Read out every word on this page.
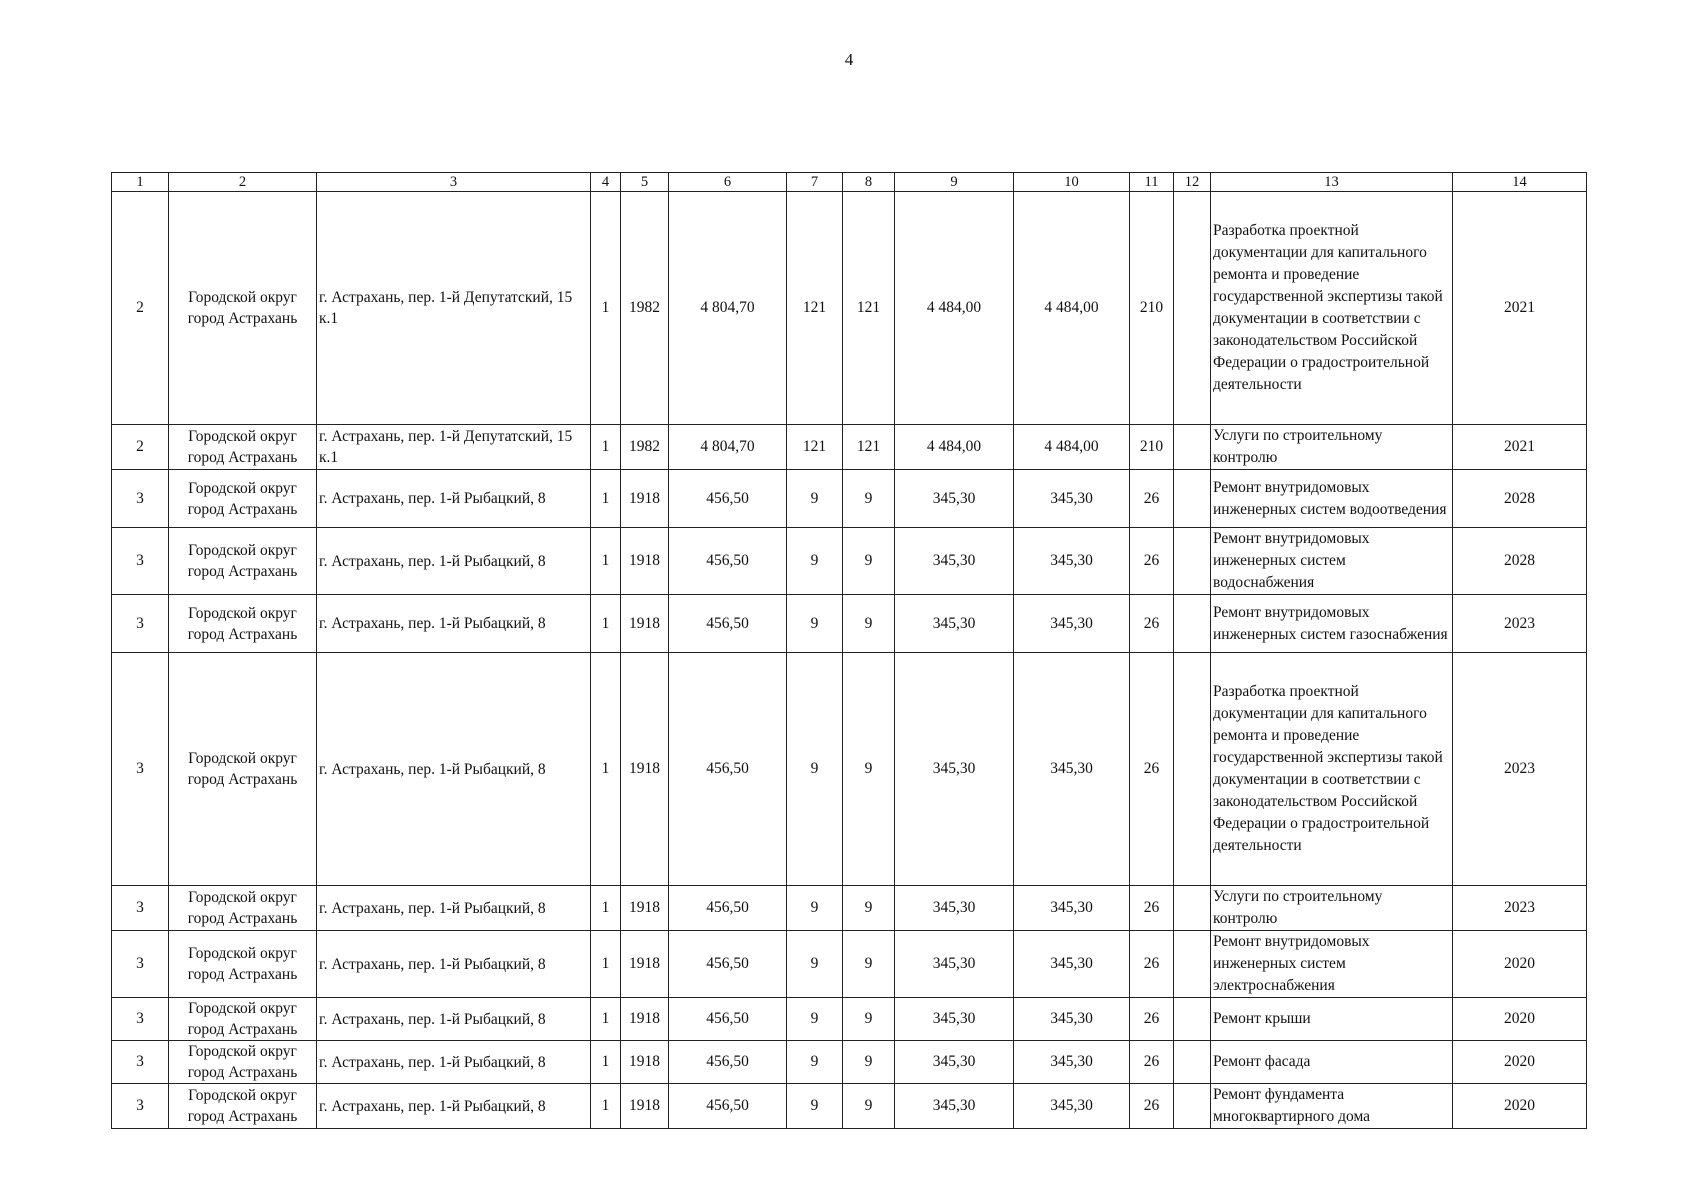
4
1	2	3	4	5	6	7	8	9	10	11	12	13	14
2	Городской округ город Астрахань	г. Астрахань, пер. 1-й Депутатский, 15 к.1	1	1982	4 804,70	121	121	4 484,00	4 484,00	210		Разработка проектной документации для капитального ремонта и проведение государственной экспертизы такой документации в соответствии с законодательством Российской Федерации о градостроительной деятельности	2021
2	Городской округ город Астрахань	г. Астрахань, пер. 1-й Депутатский, 15 к.1	1	1982	4 804,70	121	121	4 484,00	4 484,00	210		Услуги по строительному контролю	2021
3	Городской округ город Астрахань	г. Астрахань, пер. 1-й Рыбацкий, 8	1	1918	456,50	9	9	345,30	345,30	26		Ремонт внутридомовых инженерных систем водоотведения	2028
3	Городской округ город Астрахань	г. Астрахань, пер. 1-й Рыбацкий, 8	1	1918	456,50	9	9	345,30	345,30	26		Ремонт внутридомовых инженерных систем водоснабжения	2028
3	Городской округ город Астрахань	г. Астрахань, пер. 1-й Рыбацкий, 8	1	1918	456,50	9	9	345,30	345,30	26		Ремонт внутридомовых инженерных систем газоснабжения	2023
3	Городской округ город Астрахань	г. Астрахань, пер. 1-й Рыбацкий, 8	1	1918	456,50	9	9	345,30	345,30	26		Разработка проектной документации для капитального ремонта и проведение государственной экспертизы такой документации в соответствии с законодательством Российской Федерации о градостроительной деятельности	2023
3	Городской округ город Астрахань	г. Астрахань, пер. 1-й Рыбацкий, 8	1	1918	456,50	9	9	345,30	345,30	26		Услуги по строительному контролю	2023
3	Городской округ город Астрахань	г. Астрахань, пер. 1-й Рыбацкий, 8	1	1918	456,50	9	9	345,30	345,30	26		Ремонт внутридомовых инженерных систем электроснабжения	2020
3	Городской округ город Астрахань	г. Астрахань, пер. 1-й Рыбацкий, 8	1	1918	456,50	9	9	345,30	345,30	26		Ремонт крыши	2020
3	Городской округ город Астрахань	г. Астрахань, пер. 1-й Рыбацкий, 8	1	1918	456,50	9	9	345,30	345,30	26		Ремонт фасада	2020
3	Городской округ город Астрахань	г. Астрахань, пер. 1-й Рыбацкий, 8	1	1918	456,50	9	9	345,30	345,30	26		Ремонт фундамента многоквартирного дома	2020
